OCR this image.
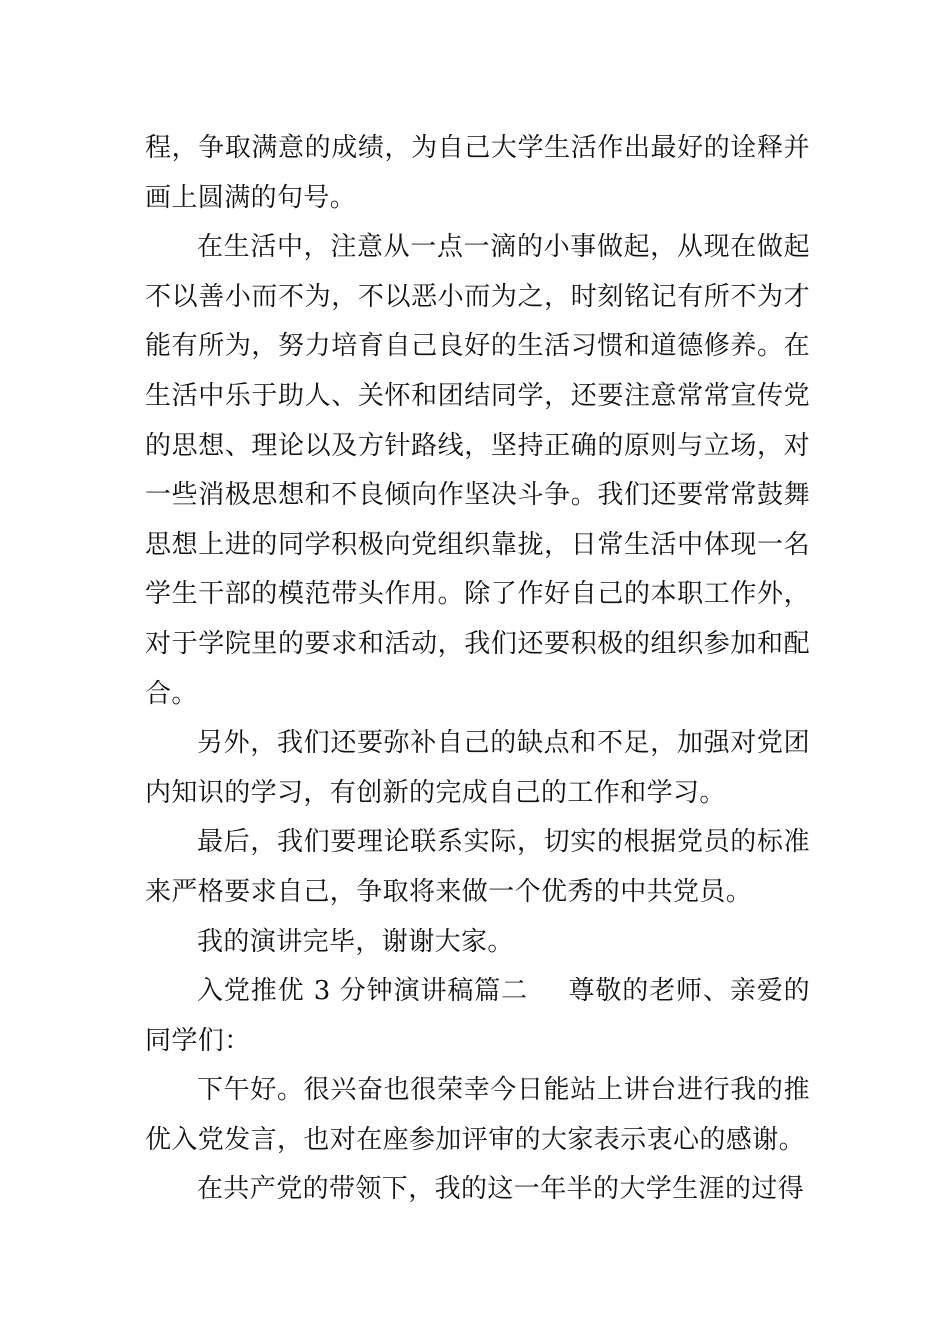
程，争取满意的成绩，为自己大学生活作出最好的诠释并画上圆满的句号。

在生活中，注意从一点一滴的小事做起，从现在做起不以善小而不为，不以恶小而为之，时刻铭记有所不为才能有所为，努力培育自己良好的生活习惯和道德修养。在生活中乐于助人、关怀和团结同学，还要注意常常宣传党的思想、理论以及方针路线，坚持正确的原则与立场，对一些消极思想和不良倾向作坚决斗争。我们还要常常鼓舞思想上进的同学积极向党组织靠拢，日常生活中体现一名学生干部的模范带头作用。除了作好自己的本职工作外，对于学院里的要求和活动，我们还要积极的组织参加和配合。

另外，我们还要弥补自己的缺点和不足，加强对党团内知识的学习，有创新的完成自己的工作和学习。

最后，我们要理论联系实际，切实的根据党员的标准来严格要求自己，争取将来做一个优秀的中共党员。

我的演讲完毕，谢谢大家。

入党推优 3 分钟演讲稿篇二 尊敬的老师、亲爱的同学们：

下午好。很兴奋也很荣幸今日能站上讲台进行我的推优入党发言，也对在座参加评审的大家表示衷心的感谢。

在共产党的带领下，我的这一年半的大学生涯的过得
